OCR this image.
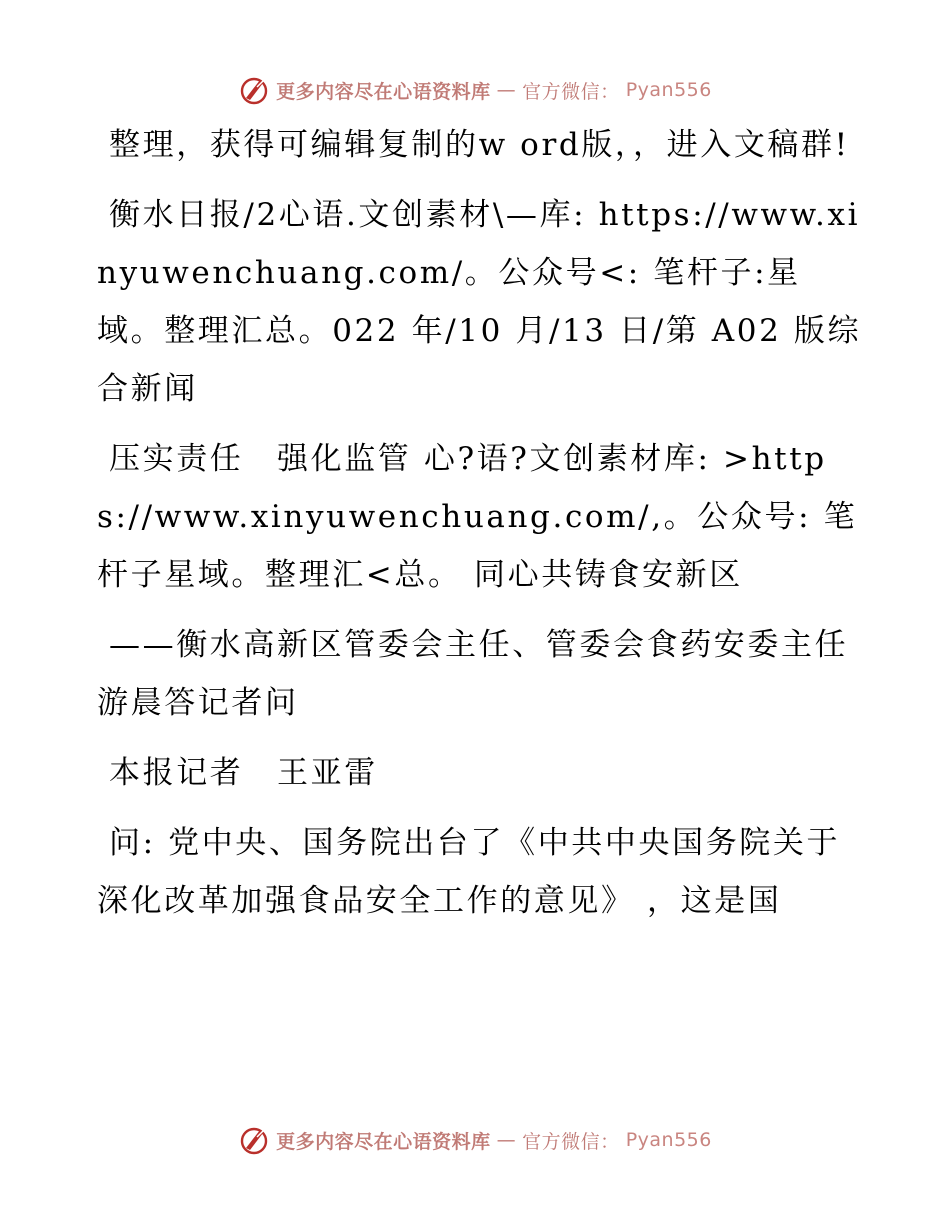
更多内容尽在心语资料库 — 官方微信： Pyan556

整理，获得可编辑复制的w ord版，，进入文稿群!

衡水日报/2心语.文创素材\—库: https://www.xinyuwenchuang.com/。公众号<: 笔杆子:星域。整理汇总。022 年/10 月/13 日/第 A02 版综合新闻

压实责任　强化监管 心?语?文创素材库: >https://www.xinyuwenchuang.com/,。公众号: 笔杆子星域。整理汇<总。 同心共铸食安新区

——衡水高新区管委会主任、管委会食药安委主任游晨答记者问

本报记者　王亚雷

问: 党中央、国务院出台了《中共中央国务院关于深化改革加强食品安全工作的意见》 ，这是国

更多内容尽在心语资料库 — 官方微信： Pyan556
